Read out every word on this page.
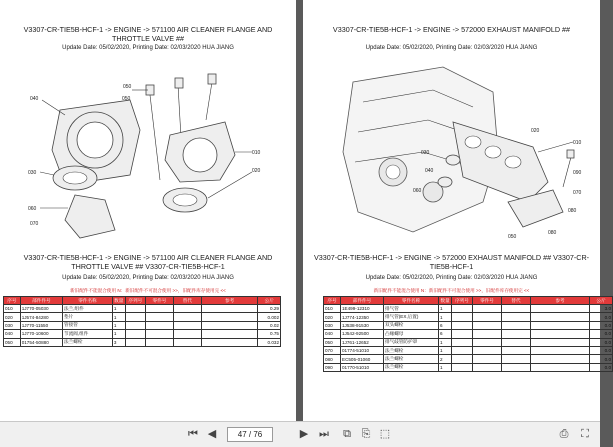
V3307-CR-TIE5B-HCF-1 -> ENGINE -> 571100 AIR CLEANER FLANGE AND THROTTLE VALVE ##
Update Date: 05/02/2020, Printing Date: 02/03/2020 HUA JIANG
040
050
050
010
020
030
060
070
V3307-CR-TIE5B-HCF-1 -> ENGINE -> 571100 AIR CLEANER FLANGE AND THROTTLE VALVE ## V3307-CR-TIE5B-HCF-1
Update Date: 05/02/2020, Printing Date: 02/03/2020 HUA JIANG
新旧配件不能混合使用 N：新旧配件不可混合使用 >>，旧配件库存使用完 <<
序号	部件件号	零件名称	数量	序列号	零件号	替代	参考	公斤
010	1J770-05030	法兰,组件	1					0.29
020	1J574-84280	垫片	1					0.002
030	1J770-11550	管接管	1					0.02
040	1J770-10600	节流阀,组件	1					0.75
050	01754-50880	法兰螺栓	3					0.032
V3307-CR-TIE5B-HCF-1 -> ENGINE -> 572000 EXHAUST MANIFOLD ##
Update Date: 05/02/2020, Printing Date: 02/03/2020 HUA JIANG
010
020
030
040
060	070
080
090
050
080
V3307-CR-TIE5B-HCF-1 -> ENGINE -> 572000 EXHAUST MANIFOLD ## V3307-CR-TIE5B-HCF-1
Update Date: 05/02/2020, Printing Date: 02/03/2020 HUA JIANG
新旧配件不能混合使用 N：新旧配件不可混合使用 >>，旧配件库存使用完 <<
序号	部件件号	零件名称	数量	序列号	零件号	替代	参考	公斤
010	1E499-12310	排气管	1					3.0
020	1J774-12350	排气管(EX,后置)	1					0.0
030	1J538-91530	双头螺栓	6					0.0
040	1J542-92500	凸缘螺母	6					0.0
050	1J761-12652	排气歧管防护罩	1					0.0
070	01774-51010	法兰螺栓	1					0.0
080	EC505-01060	法兰螺栓	2					0.0
090	01770-51010	法兰螺栓	1					0.0
⏮ ◀	47 / 76	▶ ⏭ ⧉ ⎘ ⬚	⎙ ⛶
